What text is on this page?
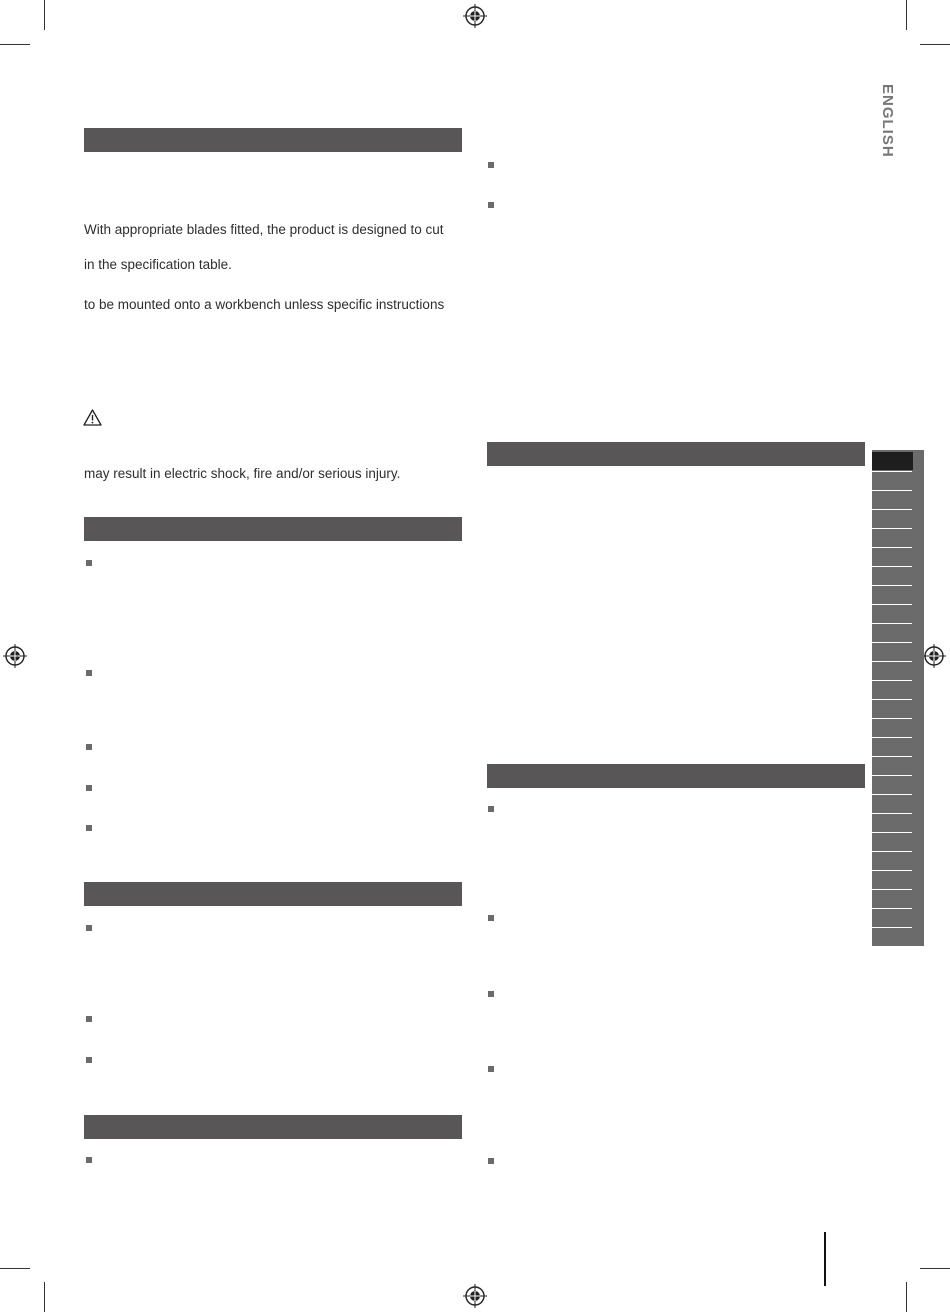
ENGLISH
With appropriate blades fitted, the product is designed to cut
in the specification table.
to be mounted onto a workbench unless specific instructions
may result in electric shock, fire and/or serious injury.
